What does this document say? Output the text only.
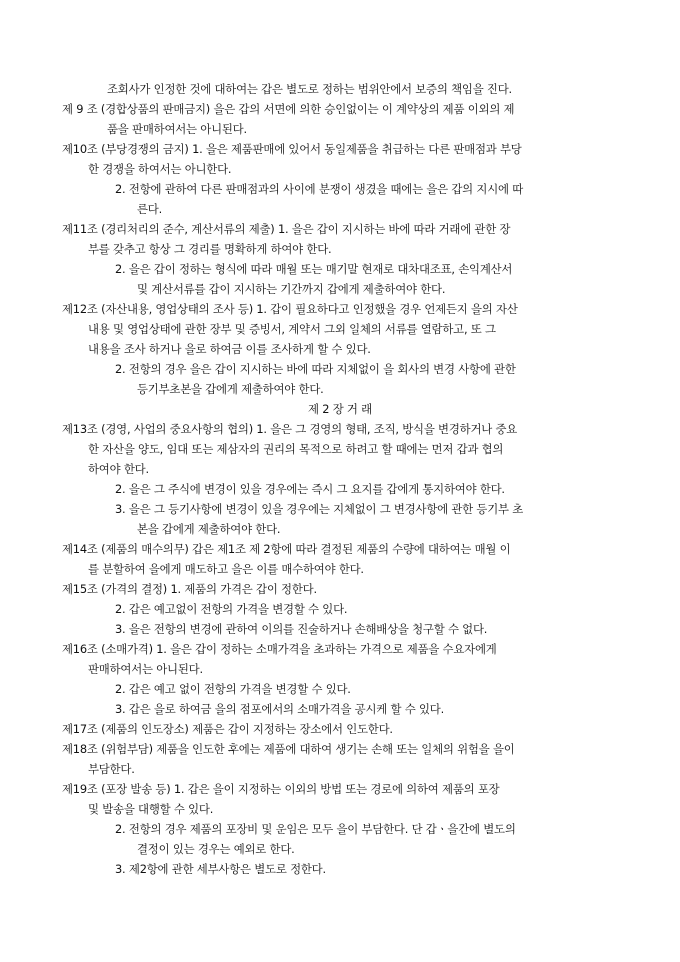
조회사가 인정한 것에 대하여는 갑은 별도로 정하는 범위안에서 보증의 책임을 진다.
제 9 조 (경합상품의 판매금지) 을은 갑의 서면에 의한 승인없이는 이 계약상의 제품 이외의 제
품을 판매하여서는 아니된다.
제10조 (부당경쟁의 금지) 1. 을은 제품판매에 있어서 동일제품을 취급하는 다른 판매점과 부당
한 경쟁을 하여서는 아니한다.
2. 전항에 관하여 다른 판매점과의 사이에 분쟁이 생겼을 때에는 을은 갑의 지시에 따
른다.
제11조 (경리처리의 준수, 계산서류의 제출) 1. 을은 갑이 지시하는 바에 따라 거래에 관한 장
부를 갖추고 항상 그 경리를 명확하게 하여야 한다.
2. 을은 갑이 정하는 형식에 따라 매월 또는 매기말 현재로 대차대조표, 손익계산서
및 계산서류를 갑이 지시하는 기간까지 갑에게 제출하여야 한다.
제12조 (자산내용, 영업상태의 조사 등) 1. 갑이 필요하다고 인정했을 경우 언제든지 을의 자산
내용 및 영업상태에 관한 장부 및 증빙서, 계약서 그외 일체의 서류를 열람하고, 또 그
내용을 조사 하거나 을로 하여금 이를 조사하게 할 수 있다.
2. 전항의 경우 을은 갑이 지시하는 바에 따라 지체없이 을 회사의 변경 사항에 관한
등기부초본을 갑에게 제출하여야 한다.
제 2 장 거 래
제13조 (경영, 사업의 중요사항의 협의) 1. 을은 그 경영의 형태, 조직, 방식을 변경하거나 중요
한 자산을 양도, 임대 또는 제삼자의 권리의 목적으로 하려고 할 때에는 먼저 갑과 협의
하여야 한다.
2. 을은 그 주식에 변경이 있을 경우에는 즉시 그 요지를 갑에게 통지하여야 한다.
3. 을은 그 등기사항에 변경이 있을 경우에는 지체없이 그 변경사항에 관한 등기부 초
본을 갑에게 제출하여야 한다.
제14조 (제품의 매수의무) 갑은 제1조 제 2항에 따라 결정된 제품의 수량에 대하여는 매월 이
를 분할하여 을에게 매도하고 을은 이를 매수하여야 한다.
제15조 (가격의 결정) 1. 제품의 가격은 갑이 정한다.
2. 갑은 예고없이 전항의 가격을 변경할 수 있다.
3. 을은 전항의 변경에 관하여 이의를 진술하거나 손해배상을 청구할 수 없다.
제16조 (소매가격) 1. 을은 갑이 정하는 소매가격을 초과하는 가격으로 제품을 수요자에게
판매하여서는 아니된다.
2. 갑은 예고 없이 전항의 가격을 변경할 수 있다.
3. 갑은 을로 하여금 을의 점포에서의 소매가격을 공시케 할 수 있다.
제17조 (제품의 인도장소) 제품은 갑이 지정하는 장소에서 인도한다.
제18조 (위험부담) 제품을 인도한 후에는 제품에 대하여 생기는 손해 또는 일체의 위험을 을이
부담한다.
제19조 (포장 발송 등) 1. 갑은 을이 지정하는 이외의 방법 또는 경로에 의하여 제품의 포장
및 발송을 대행할 수 있다.
2. 전항의 경우 제품의 포장비 및 운임은 모두 을이 부담한다. 단 갑ㆍ을간에 별도의
결정이 있는 경우는 예외로 한다.
3. 제2항에 관한 세부사항은 별도로 정한다.
